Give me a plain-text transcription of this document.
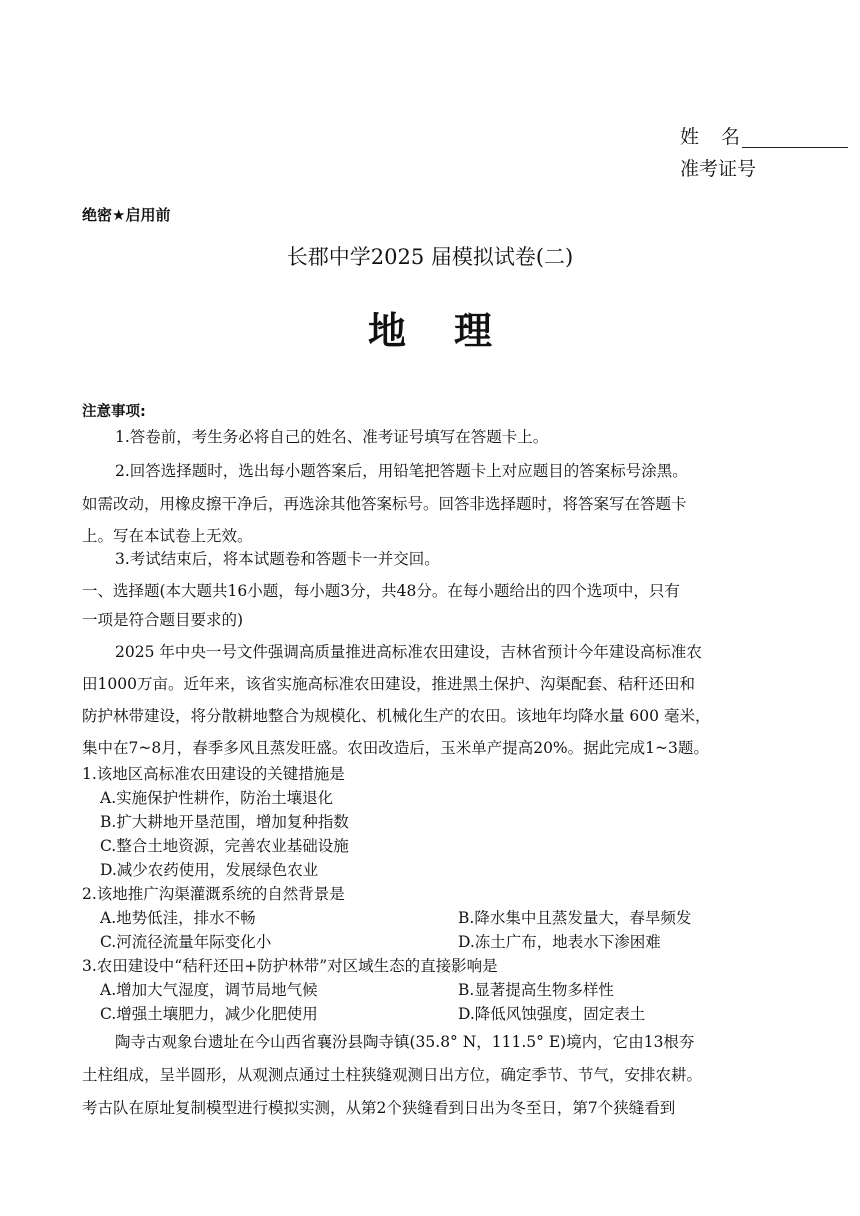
姓名
准考证号
绝密★启用前
长郡中学2025 届模拟试卷(二)
地理
注意事项:
1.答卷前，考生务必将自己的姓名、准考证号填写在答题卡上。
2.回答选择题时，选出每小题答案后，用铅笔把答题卡上对应题目的答案标号涂黑。
如需改动，用橡皮擦干净后，再选涂其他答案标号。回答非选择题时，将答案写在答题卡
上。写在本试卷上无效。
3.考试结束后，将本试题卷和答题卡一并交回。
一、选择题(本大题共16小题，每小题3分，共48分。在每小题给出的四个选项中，只有
一项是符合题目要求的)
2025 年中央一号文件强调高质量推进高标准农田建设，吉林省预计今年建设高标准农
田1000万亩。近年来，该省实施高标准农田建设，推进黑土保护、沟渠配套、秸秆还田和
防护林带建设，将分散耕地整合为规模化、机械化生产的农田。该地年均降水量 600 毫米，
集中在7~8月，春季多风且蒸发旺盛。农田改造后，玉米单产提高20%。据此完成1~3题。
1.该地区高标准农田建设的关键措施是
A.实施保护性耕作，防治土壤退化
B.扩大耕地开垦范围，增加复种指数
C.整合土地资源，完善农业基础设施
D.减少农药使用，发展绿色农业
2.该地推广沟渠灌溉系统的自然背景是
A.地势低洼，排水不畅	B.降水集中且蒸发量大，春旱频发
C.河流径流量年际变化小	D.冻土广布，地表水下渗困难
3.农田建设中“秸秆还田+防护林带”对区域生态的直接影响是
A.增加大气湿度，调节局地气候	B.显著提高生物多样性
C.增强土壤肥力，减少化肥使用	D.降低风蚀强度，固定表土
陶寺古观象台遗址在今山西省襄汾县陶寺镇(35.8° N，111.5° E)境内，它由13根夯
土柱组成，呈半圆形，从观测点通过土柱狭缝观测日出方位，确定季节、节气，安排农耕。
考古队在原址复制模型进行模拟实测，从第2个狭缝看到日出为冬至日，第7个狭缝看到
